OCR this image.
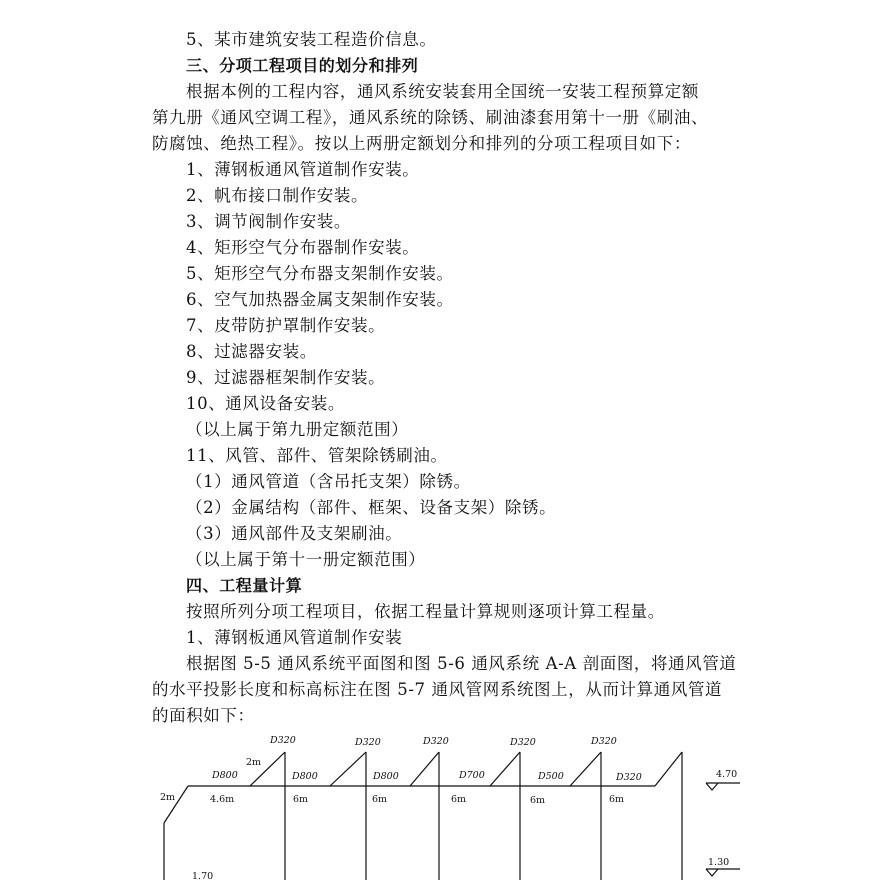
5、某市建筑安装工程造价信息。
三、分项工程项目的划分和排列
根据本例的工程内容，通风系统安装套用全国统一安装工程预算定额
第九册《通风空调工程》，通风系统的除锈、刷油漆套用第十一册《刷油、
防腐蚀、绝热工程》。按以上两册定额划分和排列的分项工程项目如下：
1、薄钢板通风管道制作安装。
2、帆布接口制作安装。
3、调节阀制作安装。
4、矩形空气分布器制作安装。
5、矩形空气分布器支架制作安装。
6、空气加热器金属支架制作安装。
7、皮带防护罩制作安装。
8、过滤器安装。
9、过滤器框架制作安装。
10、通风设备安装。
（以上属于第九册定额范围）
11、风管、部件、管架除锈刷油。
（1）通风管道（含吊托支架）除锈。
（2）金属结构（部件、框架、设备支架）除锈。
（3）通风部件及支架刷油。
（以上属于第十一册定额范围）
四、工程量计算
按照所列分项工程项目，依据工程量计算规则逐项计算工程量。
1、薄钢板通风管道制作安装
根据图 5-5 通风系统平面图和图 5-6 通风系统 A-A 剖面图，将通风管道
的水平投影长度和标高标注在图 5-7 通风管网系统图上，从而计算通风管道
的面积如下：
D320	D320	D320	D320	D320
D800	D800	D800	D700	D500	D320
4.6m	6m	6m	6m	6m	6m
2m
2m
4.70
1.30
1.70
